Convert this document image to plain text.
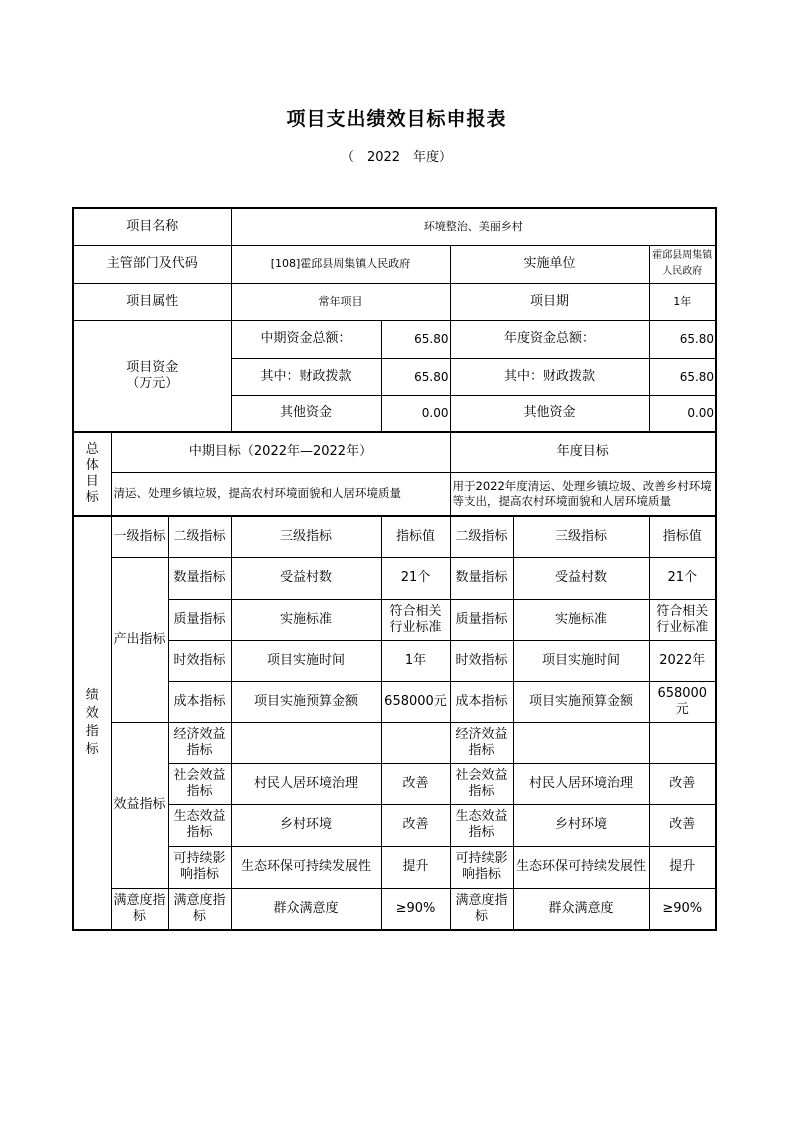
项目支出绩效目标申报表
（　2022　年度）
项目名称			环境整治、美丽乡村				
主管部门及代码			[108]霍邱县周集镇人民政府		实施单位		霍邱县周集镇人民政府
项目属性			常年项目		项目期		1年

项目资金
（万元）			中期资金总额：	65.80	年度资金总额：		65.80
			其中：财政拨款	65.80	其中：财政拨款		65.80
			其他资金	0.00	其他资金		0.00
总
体
目
标	中期目标（2022年—2022年）				年度目标		
	清运、处理乡镇垃圾，提高农村环境面貌和人居环境质量				用于2022年度清运、处理乡镇垃圾、改善乡村环境等支出，提高农村环境面貌和人居环境质量		
绩
效
指
标	一级指标	二级指标	三级指标	指标值	二级指标	三级指标	指标值
	产出指标	数量指标	受益村数	21个	数量指标	受益村数	21个
		质量指标	实施标准	符合相关行业标准	质量指标	实施标准	符合相关行业标准
		时效指标	项目实施时间	1年	时效指标	项目实施时间	2022年
		成本指标	项目实施预算金额	658000元	成本指标	项目实施预算金额	658000元
	效益指标	经济效益指标			经济效益指标		
		社会效益指标	村民人居环境治理	改善	社会效益指标	村民人居环境治理	改善
		生态效益指标	乡村环境	改善	生态效益指标	乡村环境	改善
		可持续影响指标	生态环保可持续发展性	提升	可持续影响指标	生态环保可持续发展性	提升
	满意度指标	满意度指标	群众满意度	≥90%	满意度指标	群众满意度	≥90%
